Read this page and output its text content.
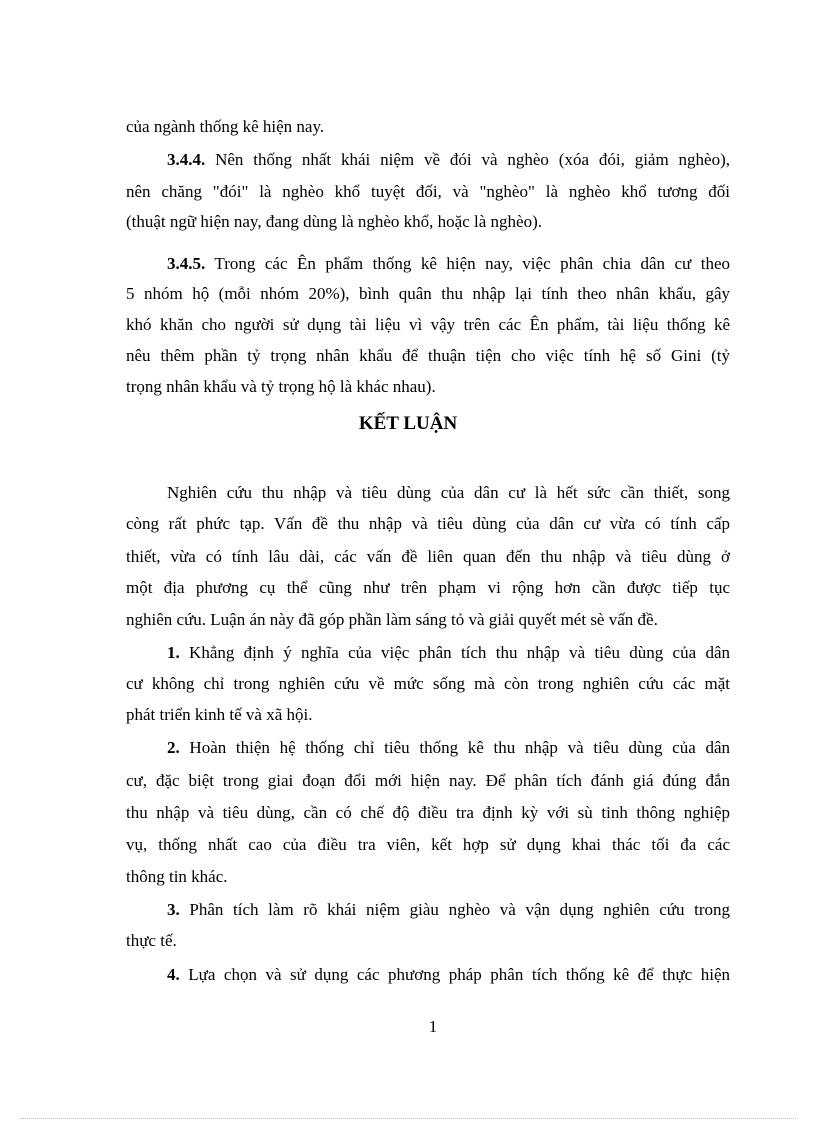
của ngành thống kê hiện nay.
3.4.4. Nên thống nhất khái niệm về đói và nghèo (xóa đói, giảm nghèo),
nên chăng "đói" là nghèo khổ tuyệt đối, và "nghèo" là nghèo khổ tương đối
(thuật ngữ hiện nay, đang dùng là nghèo khổ, hoặc là nghèo).
3.4.5. Trong các Ên phẩm thống kê hiện nay, việc phân chia dân cư theo
5 nhóm hộ (mỗi nhóm 20%), bình quân thu nhập lại tính theo nhân khẩu, gây
khó khăn cho người sử dụng tài liệu vì vậy trên các Ên phẩm, tài liệu thống kê
nêu thêm phần tỷ trọng nhân khẩu để thuận tiện cho việc tính hệ số Gini (tỷ
trọng nhân khẩu và tỷ trọng hộ là khác nhau).
KẾT LUẬN
Nghiên cứu thu nhập và tiêu dùng của dân cư là hết sức cần thiết, song
còng rất phức tạp. Vấn đề thu nhập và tiêu dùng của dân cư vừa có tính cấp
thiết, vừa có tính lâu dài, các vấn đề liên quan đến thu nhập và tiêu dùng ở
một địa phương cụ thể cũng như trên phạm vi rộng hơn cần được tiếp tục
nghiên cứu. Luận án này đã góp phần làm sáng tỏ và giải quyết mét sè vấn đề.
1. Khẳng định ý nghĩa của việc phân tích thu nhập và tiêu dùng của dân
cư không chỉ trong nghiên cứu về mức sống mà còn trong nghiên cứu các mặt
phát triển kinh tế và xã hội.
2. Hoàn thiện hệ thống chỉ tiêu thống kê thu nhập và tiêu dùng của dân
cư, đặc biệt trong giai đoạn đổi mới hiện nay. Để phân tích đánh giá đúng đắn
thu nhập và tiêu dùng, cần có chế độ điều tra định kỳ với sù tinh thông nghiệp
vụ, thống nhất cao của điều tra viên, kết hợp sử dụng khai thác tối đa các
thông tin khác.
3. Phân tích làm rõ khái niệm giàu nghèo và vận dụng nghiên cứu trong
thực tế.
4. Lựa chọn và sử dụng các phương pháp phân tích thống kê để thực hiện
1
